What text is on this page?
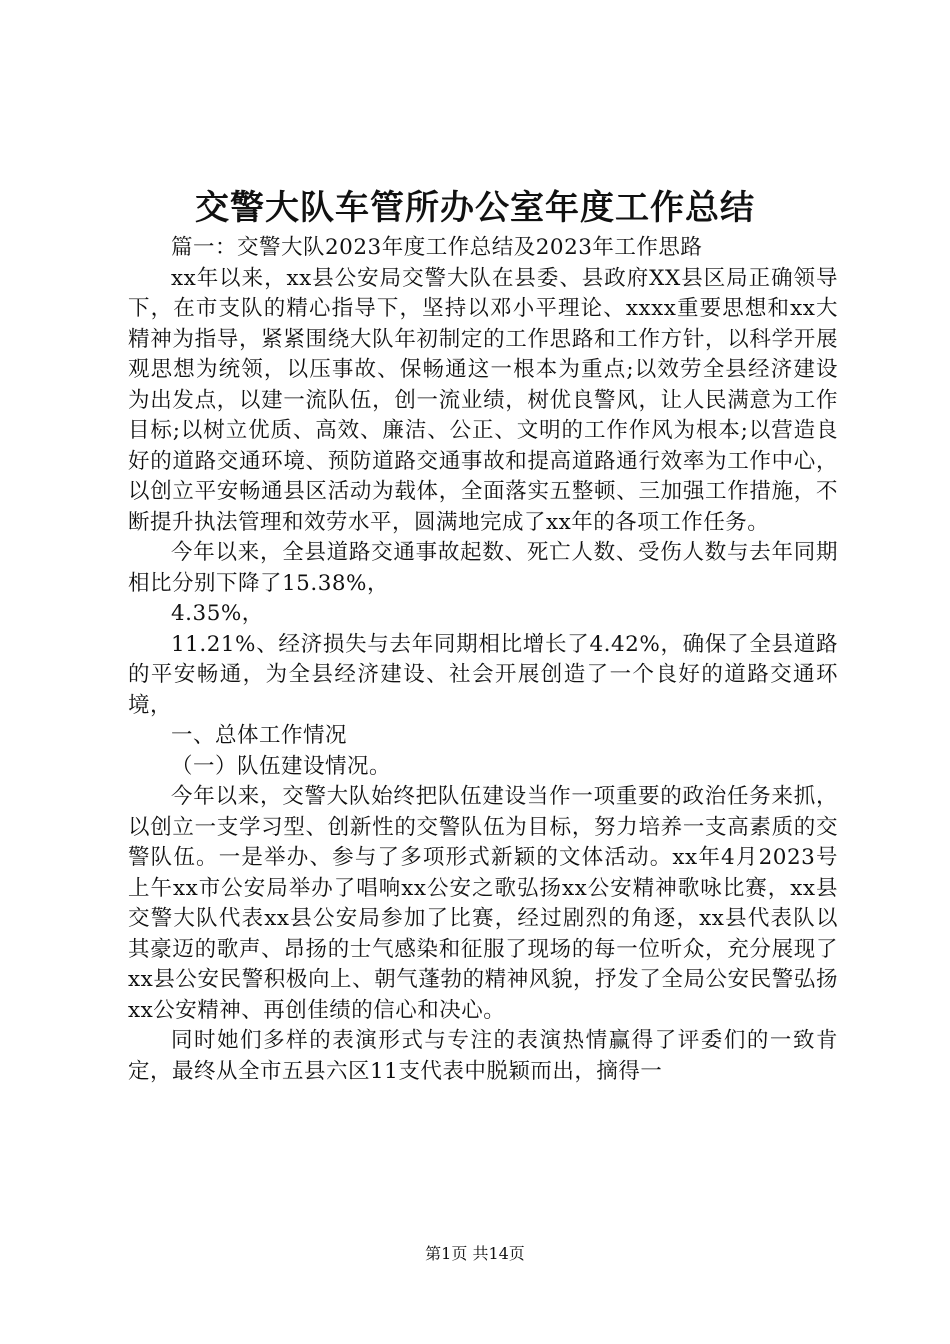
交警大队车管所办公室年度工作总结

篇一：交警大队2023年度工作总结及2023年工作思路

xx年以来，xx县公安局交警大队在县委、县政府XX县区局正确领导下，在市支队的精心指导下，坚持以邓小平理论、xxxx重要思想和xx大精神为指导，紧紧围绕大队年初制定的工作思路和工作方针，以科学开展观思想为统领，以压事故、保畅通这一根本为重点;以效劳全县经济建设为出发点，以建一流队伍，创一流业绩，树优良警风，让人民满意为工作目标;以树立优质、高效、廉洁、公正、文明的工作作风为根本;以营造良好的道路交通环境、预防道路交通事故和提高道路通行效率为工作中心，以创立平安畅通县区活动为载体，全面落实五整顿、三加强工作措施，不断提升执法管理和效劳水平，圆满地完成了xx年的各项工作任务。

今年以来，全县道路交通事故起数、死亡人数、受伤人数与去年同期相比分别下降了15.38%，

4.35%，

11.21%、经济损失与去年同期相比增长了4.42%，确保了全县道路的平安畅通，为全县经济建设、社会开展创造了一个良好的道路交通环境，

一、总体工作情况

（一）队伍建设情况。

今年以来，交警大队始终把队伍建设当作一项重要的政治任务来抓，以创立一支学习型、创新性的交警队伍为目标，努力培养一支高素质的交警队伍。一是举办、参与了多项形式新颖的文体活动。xx年4月2023号上午xx市公安局举办了唱响xx公安之歌弘扬xx公安精神歌咏比赛，xx县交警大队代表xx县公安局参加了比赛，经过剧烈的角逐，xx县代表队以其豪迈的歌声、昂扬的士气感染和征服了现场的每一位听众，充分展现了xx县公安民警积极向上、朝气蓬勃的精神风貌，抒发了全局公安民警弘扬xx公安精神、再创佳绩的信心和决心。

同时她们多样的表演形式与专注的表演热情赢得了评委们的一致肯定，最终从全市五县六区11支代表中脱颖而出，摘得一

第1页 共14页
